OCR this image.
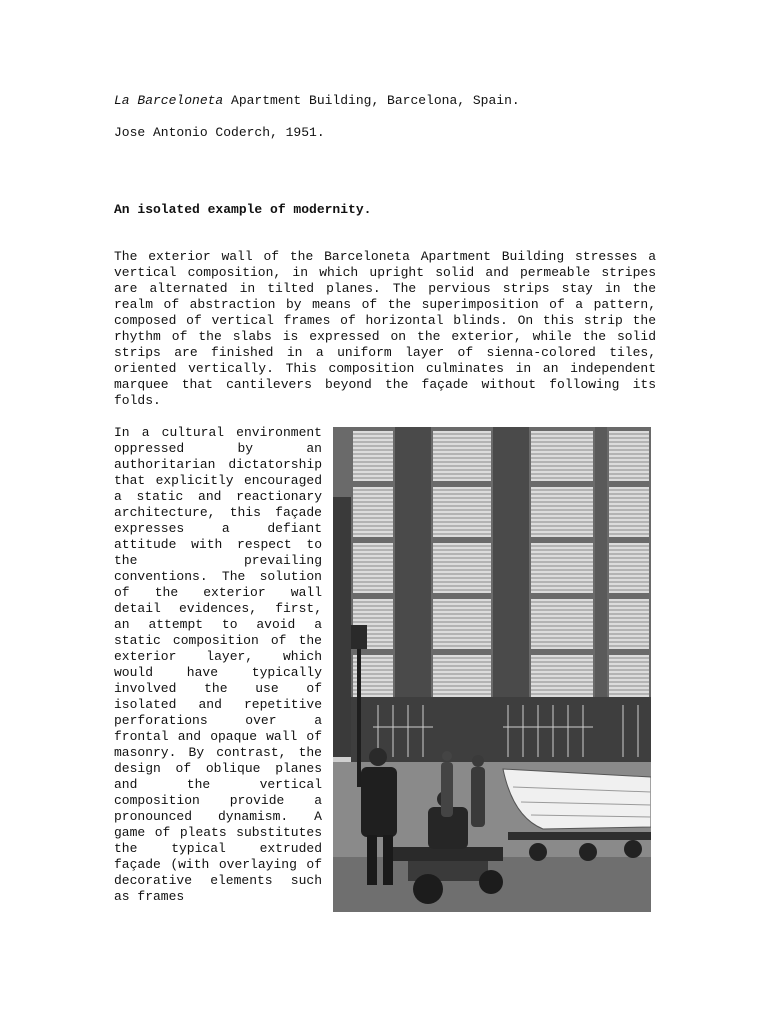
La Barceloneta Apartment Building, Barcelona, Spain.
Jose Antonio Coderch, 1951.
An isolated example of modernity.

The exterior wall of the Barceloneta Apartment Building stresses a vertical composition, in which upright solid and permeable stripes are alternated in tilted planes. The pervious strips stay in the realm of abstraction by means of the superimposition of a pattern, composed of vertical frames of horizontal blinds. On this strip the rhythm of the slabs is expressed on the exterior, while the solid strips are finished in a uniform layer of sienna-colored tiles, oriented vertically. This composition culminates in an independent marquee that cantilevers beyond the façade without following its folds.

In a cultural environment oppressed by an authoritarian dictatorship that explicitly encouraged a static and reactionary architecture, this façade expresses a defiant attitude with respect to the prevailing conventions. The solution of the exterior wall detail evidences, first, an attempt to avoid a static composition of the exterior layer, which would have typically involved the use of isolated and repetitive perforations over a frontal and opaque wall of masonry. By contrast, the design of oblique planes and the vertical composition provide a pronounced dynamism. A game of pleats substitutes the typical extruded façade (with overlaying of decorative elements such as frames
